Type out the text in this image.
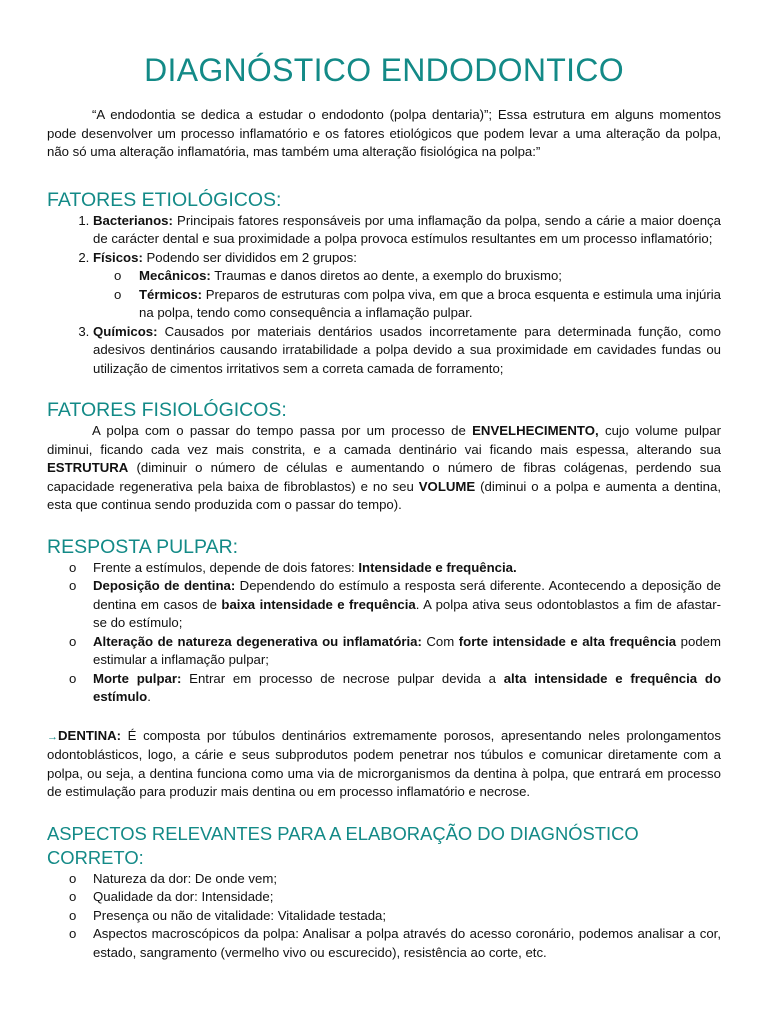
DIAGNÓSTICO ENDODONTICO

“A endodontia se dedica a estudar o endodonto (polpa dentaria)”; Essa estrutura em alguns momentos pode desenvolver um processo inflamatório e os fatores etiológicos que podem levar a uma alteração da polpa, não só uma alteração inflamatória, mas também uma alteração fisiológica na polpa:”

FATORES ETIOLÓGICOS:
1. Bacterianos: Principais fatores responsáveis por uma inflamação da polpa, sendo a cárie a maior doença de carácter dental e sua proximidade a polpa provoca estímulos resultantes em um processo inflamatório;
2. Físicos: Podendo ser divididos em 2 grupos:
o Mecânicos: Traumas e danos diretos ao dente, a exemplo do bruxismo;
o Térmicos: Preparos de estruturas com polpa viva, em que a broca esquenta e estimula uma injúria na polpa, tendo como consequência a inflamação pulpar.
3. Químicos: Causados por materiais dentários usados incorretamente para determinada função, como adesivos dentinários causando irratabilidade a polpa devido a sua proximidade em cavidades fundas ou utilização de cimentos irritativos sem a correta camada de forramento;
FATORES FISIOLÓGICOS:

A polpa com o passar do tempo passa por um processo de ENVELHECIMENTO, cujo volume pulpar diminui, ficando cada vez mais constrita, e a camada dentinário vai ficando mais espessa, alterando sua ESTRUTURA (diminuir o número de células e aumentando o número de fibras colágenas, perdendo sua capacidade regenerativa pela baixa de fibroblastos) e no seu VOLUME (diminui o a polpa e aumenta a dentina, esta que continua sendo produzida com o passar do tempo).

RESPOSTA PULPAR:
o Frente a estímulos, depende de dois fatores: Intensidade e frequência.
o Deposição de dentina: Dependendo do estímulo a resposta será diferente. Acontecendo a deposição de dentina em casos de baixa intensidade e frequência. A polpa ativa seus odontoblastos a fim de afastar-se do estímulo;
o Alteração de natureza degenerativa ou inflamatória: Com forte intensidade e alta frequência podem estimular a inflamação pulpar;
o Morte pulpar: Entrar em processo de necrose pulpar devida a alta intensidade e frequência do estímulo.

→DENTINA: É composta por túbulos dentinários extremamente porosos, apresentando neles prolongamentos odontoblásticos, logo, a cárie e seus subprodutos podem penetrar nos túbulos e comunicar diretamente com a polpa, ou seja, a dentina funciona como uma via de microrganismos da dentina à polpa, que entrará em processo de estimulação para produzir mais dentina ou em processo inflamatório e necrose.

ASPECTOS RELEVANTES PARA A ELABORAÇÃO DO DIAGNÓSTICO CORRETO:
o Natureza da dor: De onde vem;
o Qualidade da dor: Intensidade;
o Presença ou não de vitalidade: Vitalidade testada;
o Aspectos macroscópicos da polpa: Analisar a polpa através do acesso coronário, podemos analisar a cor, estado, sangramento (vermelho vivo ou escurecido), resistência ao corte, etc.
